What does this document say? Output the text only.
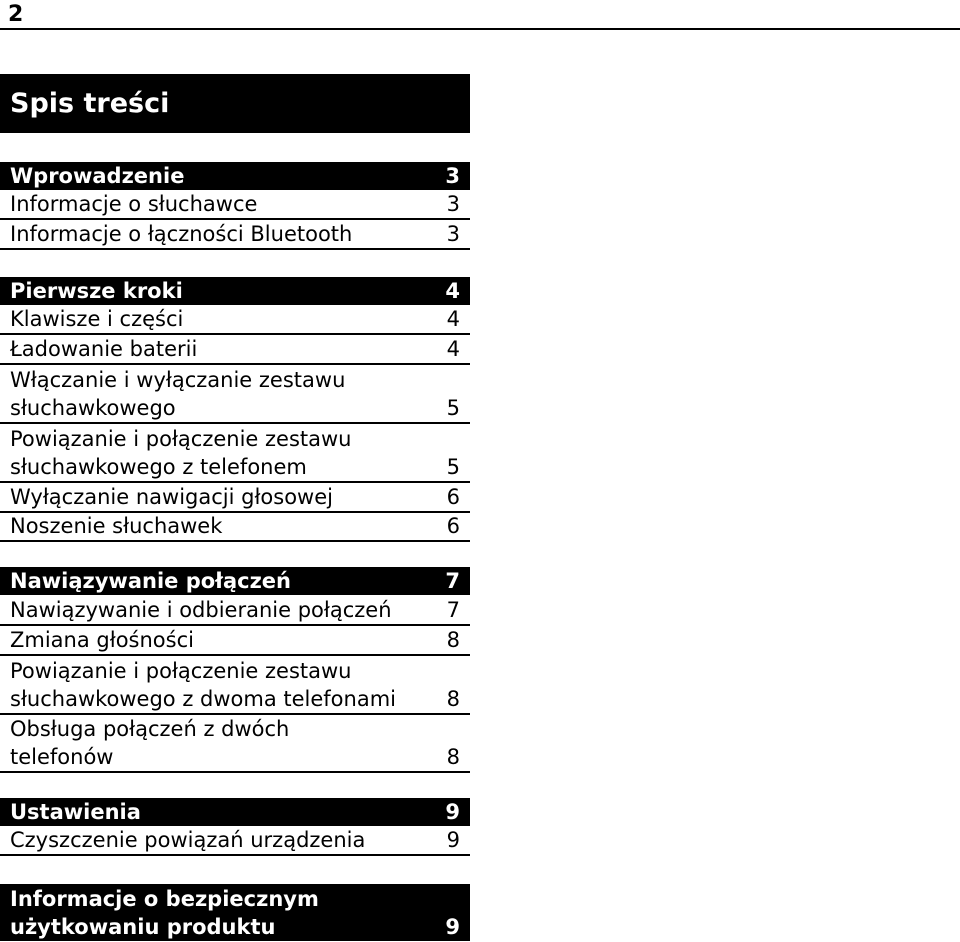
2
Spis treści
Wprowadzenie	3
Informacje o słuchawce	3
Informacje o łączności Bluetooth	3
Pierwsze kroki	4
Klawisze i części	4
Ładowanie baterii	4
Włączanie i wyłączanie zestawu
słuchawkowego	5
Powiązanie i połączenie zestawu
słuchawkowego z telefonem	5
Wyłączanie nawigacji głosowej	6
Noszenie słuchawek	6
Nawiązywanie połączeń	7
Nawiązywanie i odbieranie połączeń	7
Zmiana głośności	8
Powiązanie i połączenie zestawu
słuchawkowego z dwoma telefonami	8
Obsługa połączeń z dwóch
telefonów	8
Ustawienia	9
Czyszczenie powiązań urządzenia	9
Informacje o bezpiecznym
użytkowaniu produktu	9
